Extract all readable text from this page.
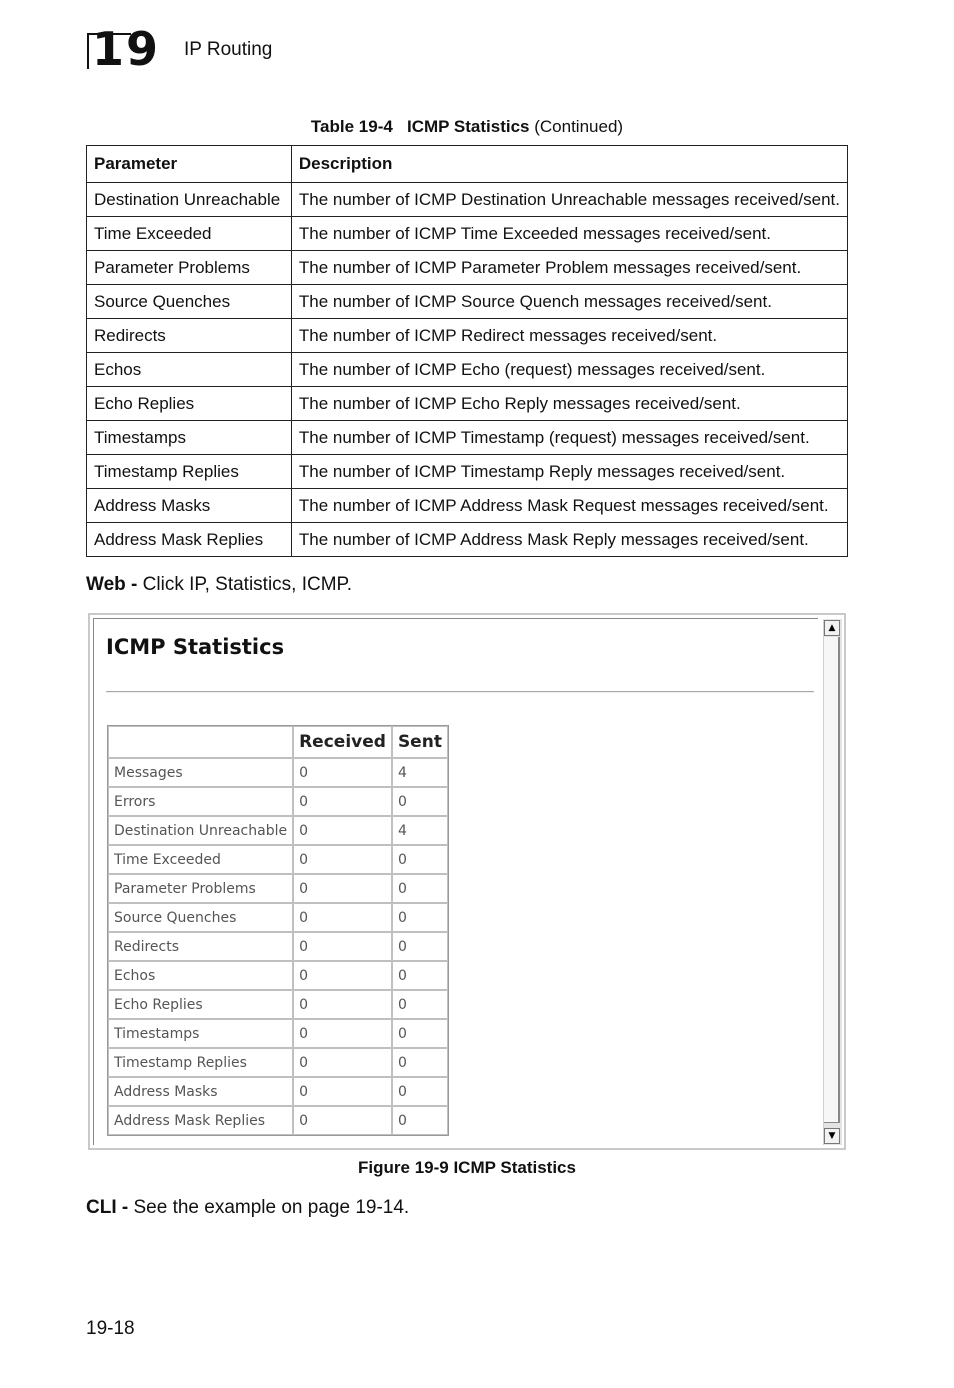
19 IP Routing
Table 19-4 ICMP Statistics (Continued)
Parameter	Description
Destination Unreachable	The number of ICMP Destination Unreachable messages received/sent.
Time Exceeded	The number of ICMP Time Exceeded messages received/sent.
Parameter Problems	The number of ICMP Parameter Problem messages received/sent.
Source Quenches	The number of ICMP Source Quench messages received/sent.
Redirects	The number of ICMP Redirect messages received/sent.
Echos	The number of ICMP Echo (request) messages received/sent.
Echo Replies	The number of ICMP Echo Reply messages received/sent.
Timestamps	The number of ICMP Timestamp (request) messages received/sent.
Timestamp Replies	The number of ICMP Timestamp Reply messages received/sent.
Address Masks	The number of ICMP Address Mask Request messages received/sent.
Address Mask Replies	The number of ICMP Address Mask Reply messages received/sent.
Web - Click IP, Statistics, ICMP.
ICMP Statistics
	Received	Sent
Messages	0	4
Errors	0	0
Destination Unreachable	0	4
Time Exceeded	0	0
Parameter Problems	0	0
Source Quenches	0	0
Redirects	0	0
Echos	0	0
Echo Replies	0	0
Timestamps	0	0
Timestamp Replies	0	0
Address Masks	0	0
Address Mask Replies	0	0
▲
▼
Figure 19-9 ICMP Statistics
CLI - See the example on page 19-14.
19-18
